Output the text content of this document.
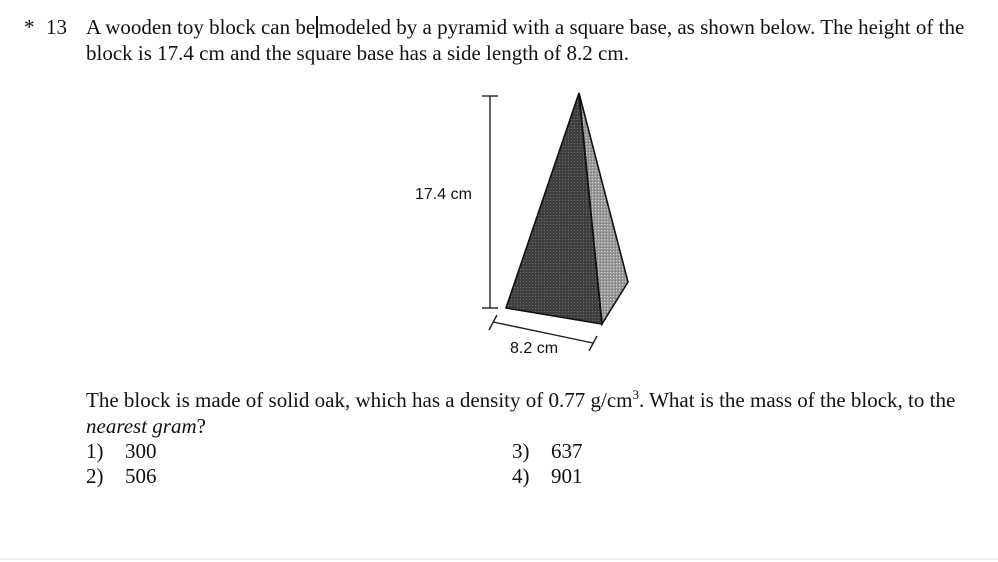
* 13 A wooden toy block can be modeled by a pyramid with a square base, as shown below. The height of the block is 17.4 cm and the square base has a side length of 8.2 cm.

17.4 cm
8.2 cm

The block is made of solid oak, which has a density of 0.77 $g/cm^3$. What is the mass of the block, to the nearest gram?

1)	300
2)	506
3)	637
4)	901
